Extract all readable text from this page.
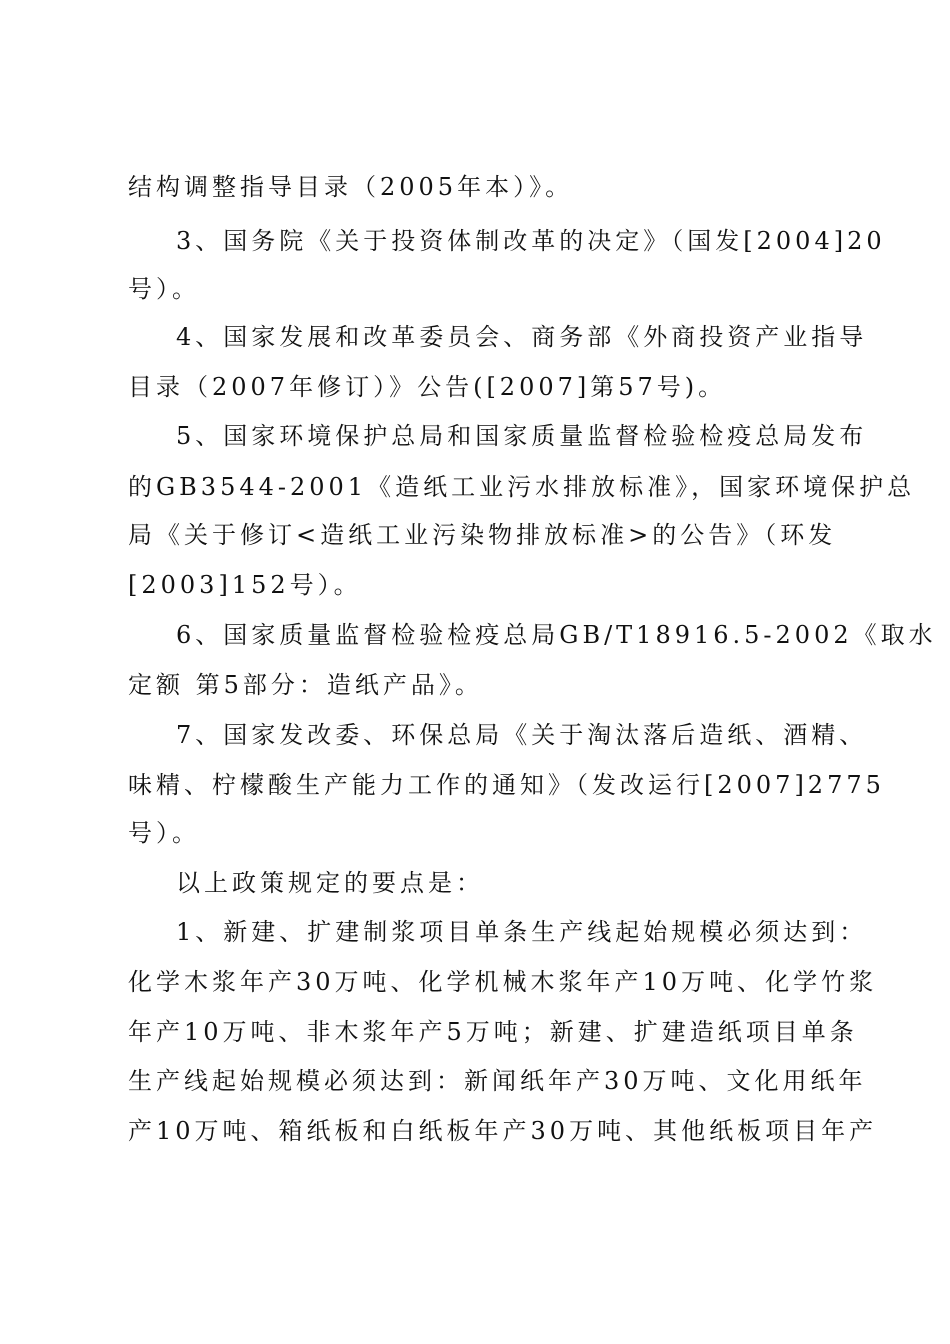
结构调整指导目录（2005年本）》。
3、国务院《关于投资体制改革的决定》（国发[2004]20
号）。
4、国家发展和改革委员会、商务部《外商投资产业指导
目录（2007年修订）》公告([2007]第57号)。
5、国家环境保护总局和国家质量监督检验检疫总局发布
的GB3544-2001《造纸工业污水排放标准》，国家环境保护总
局《关于修订<造纸工业污染物排放标准>的公告》（环发
[2003]152号）。
6、国家质量监督检验检疫总局GB/T18916.5-2002《取水
定额 第5部分：造纸产品》。
7、国家发改委、环保总局《关于淘汰落后造纸、酒精、
味精、柠檬酸生产能力工作的通知》（发改运行[2007]2775
号）。
以上政策规定的要点是：
1、新建、扩建制浆项目单条生产线起始规模必须达到：
化学木浆年产30万吨、化学机械木浆年产10万吨、化学竹浆
年产10万吨、非木浆年产5万吨；新建、扩建造纸项目单条
生产线起始规模必须达到：新闻纸年产30万吨、文化用纸年
产10万吨、箱纸板和白纸板年产30万吨、其他纸板项目年产
